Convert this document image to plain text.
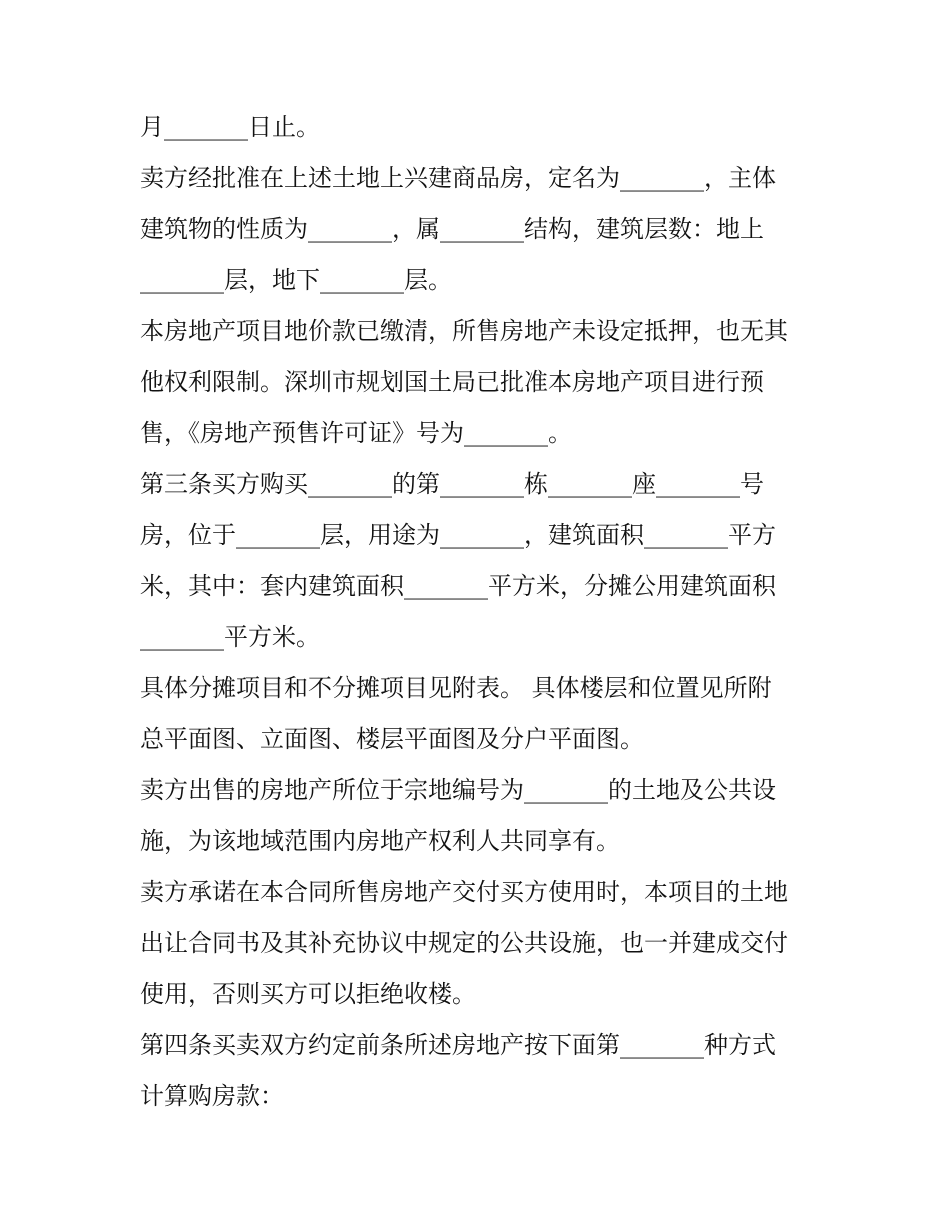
月_______日止。
卖方经批准在上述土地上兴建商品房，定名为_______，主体
建筑物的性质为_______，属_______结构，建筑层数：地上
_______层，地下_______层。
本房地产项目地价款已缴清，所售房地产未设定抵押，也无其
他权利限制。深圳市规划国土局已批准本房地产项目进行预
售，《房地产预售许可证》号为_______。
第三条买方购买_______的第_______栋_______座_______号
房，位于_______层，用途为_______，建筑面积_______平方
米，其中：套内建筑面积_______平方米，分摊公用建筑面积
_______平方米。
具体分摊项目和不分摊项目见附表。 具体楼层和位置见所附
总平面图、立面图、楼层平面图及分户平面图。
卖方出售的房地产所位于宗地编号为_______的土地及公共设
施，为该地域范围内房地产权利人共同享有。
卖方承诺在本合同所售房地产交付买方使用时，本项目的土地
出让合同书及其补充协议中规定的公共设施，也一并建成交付
使用，否则买方可以拒绝收楼。
第四条买卖双方约定前条所述房地产按下面第_______种方式
计算购房款：
